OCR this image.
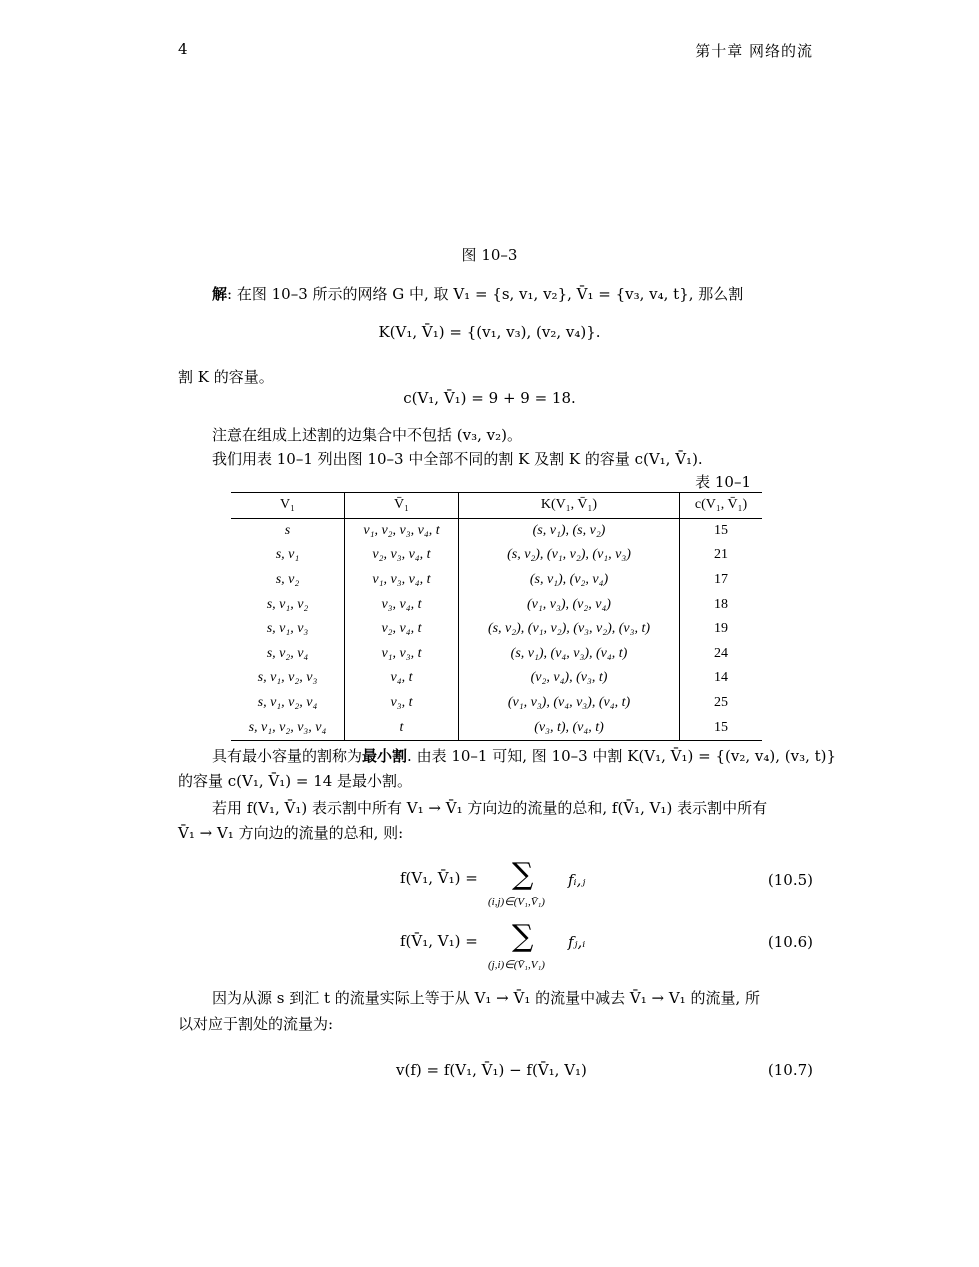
4	第十章 网络的流
图 10–3
解: 在图 10–3 所示的网络 G 中, 取 V₁ = {s, v₁, v₂}, V̄₁ = {v₃, v₄, t}, 那么割
K(V₁, V̄₁) = {(v₁, v₃), (v₂, v₄)}.
割 K 的容量。
c(V₁, V̄₁) = 9 + 9 = 18.
注意在组成上述割的边集合中不包括 (v₃, v₂)。
我们用表 10–1 列出图 10–3 中全部不同的割 K 及割 K 的容量 c(V₁, V̄₁).
表 10–1
V₁	V̄₁	K(V₁, V̄₁)	c(V₁, V̄₁)
s	v₁, v₂, v₃, v₄, t	(s, v₁), (s, v₂)	15
s, v₁	v₂, v₃, v₄, t	(s, v₂), (v₁, v₂), (v₁, v₃)	21
s, v₂	v₁, v₃, v₄, t	(s, v₁), (v₂, v₄)	17
s, v₁, v₂	v₃, v₄, t	(v₁, v₃), (v₂, v₄)	18
s, v₁, v₃	v₂, v₄, t	(s, v₂), (v₁, v₂), (v₃, v₂), (v₃, t)	19
s, v₂, v₄	v₁, v₃, t	(s, v₁), (v₄, v₃), (v₄, t)	24
s, v₁, v₂, v₃	v₄, t	(v₂, v₄), (v₃, t)	14
s, v₁, v₂, v₄	v₃, t	(v₁, v₃), (v₄, v₃), (v₄, t)	25
s, v₁, v₂, v₃, v₄	t	(v₃, t), (v₄, t)	15
具有最小容量的割称为最小割. 由表 10–1 可知, 图 10–3 中割 K(V₁, V̄₁) = {(v₂, v₄), (v₃, t)}
的容量 c(V₁, V̄₁) = 14 是最小割。
若用 f(V₁, V̄₁) 表示割中所有 V₁ → V̄₁ 方向边的流量的总和, f(V̄₁, V₁) 表示割中所有
V̄₁ → V₁ 方向边的流量的总和, 则:
f(V₁, V̄₁) = ∑
(i,j)∈(V₁,V̄₁)
fᵢ,ⱼ	(10.5)
f(V̄₁, V₁) = ∑
(j,i)∈(V̄₁,V₁)
fⱼ,ᵢ	(10.6)
因为从源 s 到汇 t 的流量实际上等于从 V₁ → V̄₁ 的流量中减去 V̄₁ → V₁ 的流量, 所
以对应于割处的流量为:
v(f) = f(V₁, V̄₁) − f(V̄₁, V₁)	(10.7)
